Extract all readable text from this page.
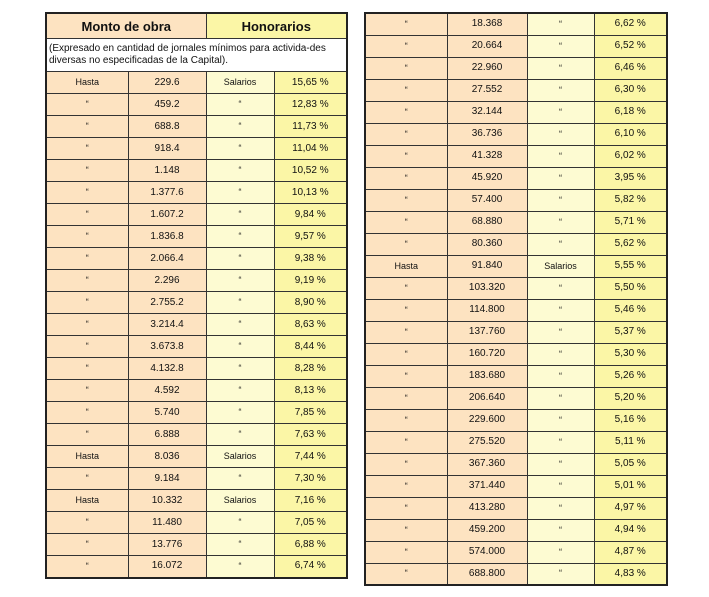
Monto de obra		Honorarios	
(Expresado en cantidad de jornales mínimos para activida-des diversas no especificadas de la Capital).			
Hasta	229.6	Salarios	15,65 %
“	459.2	“	12,83 %
“	688.8	“	11,73 %
“	918.4	“	11,04 %
“	1.148	“	10,52 %
“	1.377.6	“	10,13 %
“	1.607.2	“	9,84 %
“	1.836.8	“	9,57 %
“	2.066.4	“	9,38 %
“	2.296	“	9,19 %
“	2.755.2	“	8,90 %
“	3.214.4	“	8,63 %
“	3.673.8	“	8,44 %
“	4.132.8	“	8,28 %
“	4.592	“	8,13 %
“	5.740	“	7,85 %
“	6.888	“	7,63 %
Hasta	8.036	Salarios	7,44 %
“	9.184	“	7,30 %
Hasta	10.332	Salarios	7,16 %
“	11.480	“	7,05 %
“	13.776	“	6,88 %
“	16.072	“	6,74 %
“	18.368	“	6,62 %
“	20.664	“	6,52 %
“	22.960	“	6,46 %
“	27.552	“	6,30 %
“	32.144	“	6,18 %
“	36.736	“	6,10 %
“	41.328	“	6,02 %
“	45.920	“	3,95 %
“	57.400	“	5,82 %
“	68.880	“	5,71 %
“	80.360	“	5,62 %
Hasta	91.840	Salarios	5,55 %
“	103.320	“	5,50 %
“	114.800	“	5,46 %
“	137.760	“	5,37 %
“	160.720	“	5,30 %
“	183.680	“	5,26 %
“	206.640	“	5,20 %
“	229.600	“	5,16 %
“	275.520	“	5,11 %
“	367.360	“	5,05 %
“	371.440	“	5,01 %
“	413.280	“	4,97 %
“	459.200	“	4,94 %
“	574.000	“	4,87 %
“	688.800	“	4,83 %
